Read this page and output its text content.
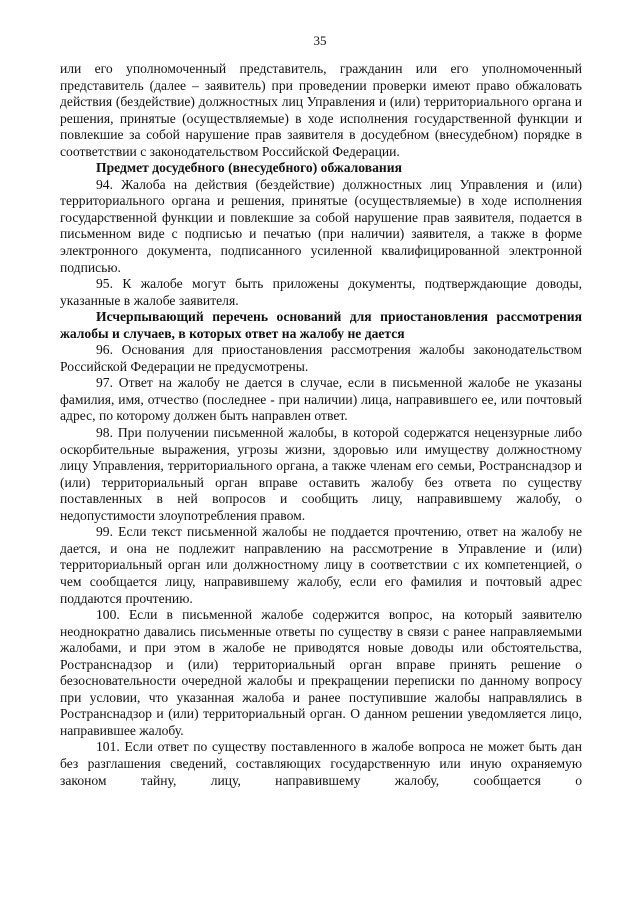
35

или его уполномоченный представитель, гражданин или его уполномоченный представитель (далее – заявитель) при проведении проверки имеют право обжаловать действия (бездействие) должностных лиц Управления и (или) территориального органа и решения, принятые (осуществляемые) в ходе исполнения государственной функции и повлекшие за собой нарушение прав заявителя в досудебном (внесудебном) порядке в соответствии с законодательством Российской Федерации.

Предмет досудебного (внесудебного) обжалования

94. Жалоба на действия (бездействие) должностных лиц Управления и (или) территориального органа и решения, принятые (осуществляемые) в ходе исполнения государственной функции и повлекшие за собой нарушение прав заявителя, подается в письменном виде с подписью и печатью (при наличии) заявителя, а также в форме электронного документа, подписанного усиленной квалифицированной электронной подписью.

95. К жалобе могут быть приложены документы, подтверждающие доводы, указанные в жалобе заявителя.

Исчерпывающий перечень оснований для приостановления рассмотрения жалобы и случаев, в которых ответ на жалобу не дается

96. Основания для приостановления рассмотрения жалобы законодательством Российской Федерации не предусмотрены.

97. Ответ на жалобу не дается в случае, если в письменной жалобе не указаны фамилия, имя, отчество (последнее - при наличии) лица, направившего ее, или почтовый адрес, по которому должен быть направлен ответ.

98. При получении письменной жалобы, в которой содержатся нецензурные либо оскорбительные выражения, угрозы жизни, здоровью или имуществу должностному лицу Управления, территориального органа, а также членам его семьи, Ространснадзор и (или) территориальный орган вправе оставить жалобу без ответа по существу поставленных в ней вопросов и сообщить лицу, направившему жалобу, о недопустимости злоупотребления правом.

99. Если текст письменной жалобы не поддается прочтению, ответ на жалобу не дается, и она не подлежит направлению на рассмотрение в Управление и (или) территориальный орган или должностному лицу в соответствии с их компетенцией, о чем сообщается лицу, направившему жалобу, если его фамилия и почтовый адрес поддаются прочтению.

100. Если в письменной жалобе содержится вопрос, на который заявителю неоднократно давались письменные ответы по существу в связи с ранее направляемыми жалобами, и при этом в жалобе не приводятся новые доводы или обстоятельства, Ространснадзор и (или) территориальный орган вправе принять решение о безосновательности очередной жалобы и прекращении переписки по данному вопросу при условии, что указанная жалоба и ранее поступившие жалобы направлялись в Ространснадзор и (или) территориальный орган. О данном решении уведомляется лицо, направившее жалобу.

101. Если ответ по существу поставленного в жалобе вопроса не может быть дан без разглашения сведений, составляющих государственную или иную охраняемую законом тайну, лицу, направившему жалобу, сообщается о
